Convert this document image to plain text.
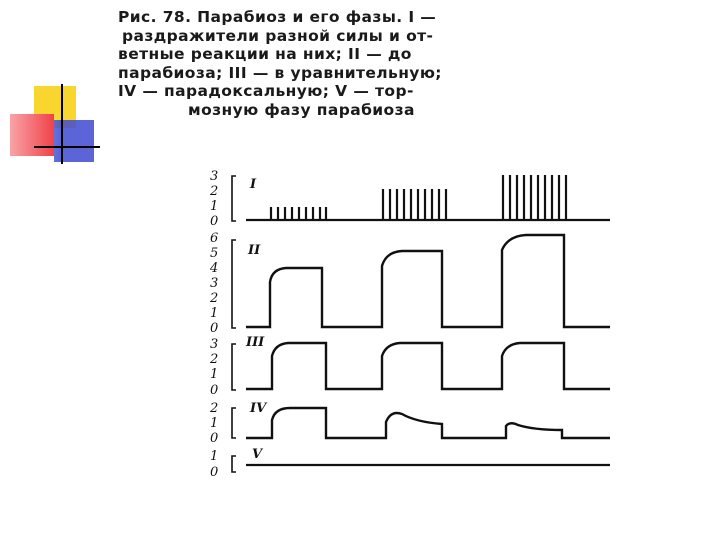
Рис. 78. Парабиоз и его фазы. I —
раздражители разной силы и от-
ветные реакции на них; II — до
парабиоза; III — в уравнительную;
IV — парадоксальную; V — тор-
мозную фазу парабиоза
3
2
1
0
6
5
4
3
2
1
0
3
2
1
0
2
1
0
1
0
I
II
III
IV
V
